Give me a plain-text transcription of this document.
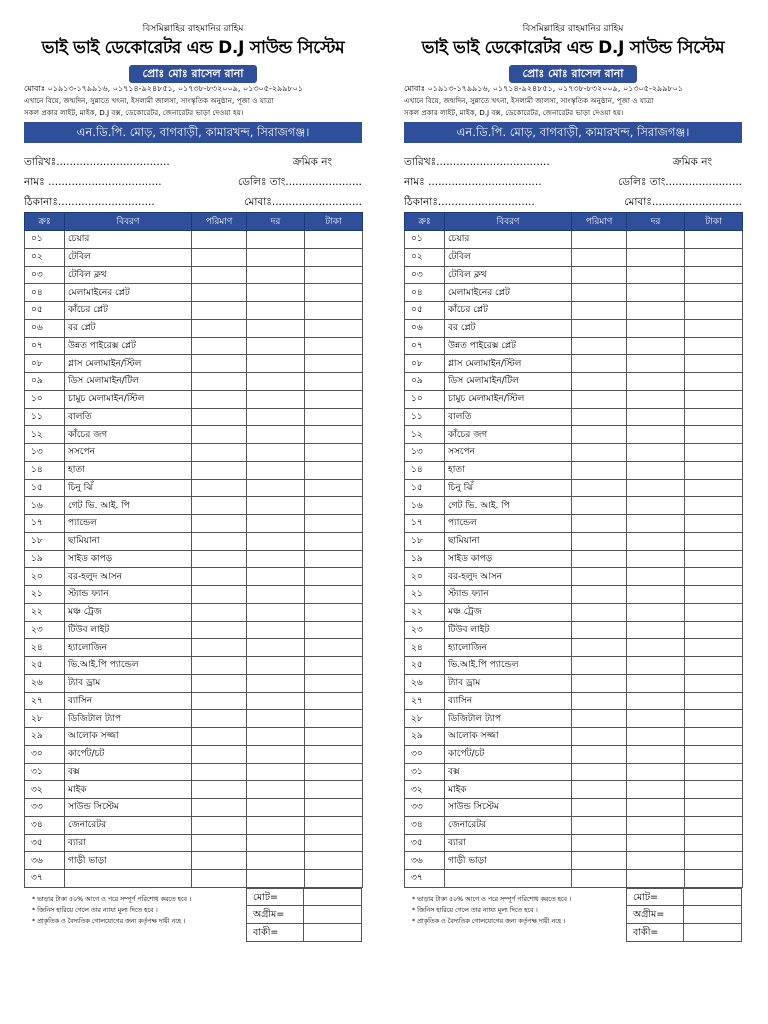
বিসমিল্লাহির রাহমানির রাহিম
ভাই ভাই ডেকোরেটর এন্ড D.J সাউন্ড সিস্টেম
প্রোঃ মোঃ রাসেল রানা
মোবাঃ ০১৯১৩-১৭৯৯১৬, ০১৭১৪-৯২৪৮৫১, ০১৭৩৮-৮৩২০০৯, ০১৩০৫-২৯৯৮০১
এখানে বিয়ে, জন্মদিন, সুন্নাতে খৎনা, ইসলামী জালসা, সাংস্কৃতিক অনুষ্ঠান, পূজা ও যাত্রা
সকল প্রকার লাইট, মাইক, D.J বক্স, ডেকোরেটর, জেনারেটর ভাড়া দেওয়া হয়।
এন.ডি.পি. মোড়, বাগবাড়ী, কামারখন্দ, সিরাজগঞ্জ।
তারিখঃ..................................	ক্রমিক নং
নামঃ ..................................	ডেলিঃ তাং.......................
ঠিকানাঃ.............................	মোবাঃ...........................
ক্রঃ	বিবরণ	পরিমাণ	দর	টাকা
০১	চেয়ার			
০২	টেবিল			
০৩	টেবিল ক্লথ			
০৪	মেলামাইনের প্লেট			
০৫	কাঁচের প্লেট			
০৬	বর প্লেট			
০৭	উন্নত পাইরেক্স প্লেট			
০৮	গ্লাস মেলামাইন/স্টিল			
০৯	ডিস মেলামাইন/টিল			
১০	চামুচ মেলামাইন/স্টিল			
১১	বালতি			
১২	কাঁচের জগ			
১৩	সসপেন			
১৪	হাতা			
১৫	চিনু ঝিঁ			
১৬	গেট ভি. আই. পি			
১৭	প্যান্ডেল			
১৮	ছামিয়ানা			
১৯	সাইড কাপড়			
২০	বর-হলুদ আসন			
২১	স্ট্যান্ড ফ্যান			
২২	মঞ্চ ট্রেজ			
২৩	টিউব লাইট			
২৪	হ্যালোজিন			
২৫	ভি.আই.পি প্যান্ডেল			
২৬	ট্যাব ড্রাম			
২৭	ব্যাসিন			
২৮	ডিজিটাল ট্যাপ			
২৯	আলোক সজ্জা			
৩০	কার্পেট/চট			
৩১	বক্স			
৩২	মাইক			
৩৩	সাউন্ড সিস্টেম			
৩৪	জেনারেটর			
৩৫	ব্যারা			
৩৬	গাড়ী ভাড়া			
৩৭				
* ভাড়ার টাকা ৫০% আগে ও পরে সম্পূর্ণ পরিশোধ করতে হবে ।
* জিনিস হারিয়ে গেলে তার ন্যায্য মূল্য দিতে হবে ।
* প্রাকৃতিক ও বৈদ্যতিক গোলযোগের জন্য কর্তৃপক্ষ দায়ী নহে ।
মোট=
অগ্রীম=
বাকী=
বিসমিল্লাহির রাহমানির রাহিম
ভাই ভাই ডেকোরেটর এন্ড D.J সাউন্ড সিস্টেম
প্রোঃ মোঃ রাসেল রানা
মোবাঃ ০১৯১৩-১৭৯৯১৬, ০১৭১৪-৯২৪৮৫১, ০১৭৩৮-৮৩২০০৯, ০১৩০৫-২৯৯৮০১
এখানে বিয়ে, জন্মদিন, সুন্নাতে খৎনা, ইসলামী জালসা, সাংস্কৃতিক অনুষ্ঠান, পূজা ও যাত্রা
সকল প্রকার লাইট, মাইক, D.J বক্স, ডেকোরেটর, জেনারেটর ভাড়া দেওয়া হয়।
এন.ডি.পি. মোড়, বাগবাড়ী, কামারখন্দ, সিরাজগঞ্জ।
তারিখঃ..................................	ক্রমিক নং
নামঃ ..................................	ডেলিঃ তাং.......................
ঠিকানাঃ.............................	মোবাঃ...........................
ক্রঃ	বিবরণ	পরিমাণ	দর	টাকা
০১	চেয়ার			
০২	টেবিল			
০৩	টেবিল ক্লথ			
০৪	মেলামাইনের প্লেট			
০৫	কাঁচের প্লেট			
০৬	বর প্লেট			
০৭	উন্নত পাইরেক্স প্লেট			
০৮	গ্লাস মেলামাইন/স্টিল			
০৯	ডিস মেলামাইন/টিল			
১০	চামুচ মেলামাইন/স্টিল			
১১	বালতি			
১২	কাঁচের জগ			
১৩	সসপেন			
১৪	হাতা			
১৫	চিনু ঝিঁ			
১৬	গেট ভি. আই. পি			
১৭	প্যান্ডেল			
১৮	ছামিয়ানা			
১৯	সাইড কাপড়			
২০	বর-হলুদ আসন			
২১	স্ট্যান্ড ফ্যান			
২২	মঞ্চ ট্রেজ			
২৩	টিউব লাইট			
২৪	হ্যালোজিন			
২৫	ভি.আই.পি প্যান্ডেল			
২৬	ট্যাব ড্রাম			
২৭	ব্যাসিন			
২৮	ডিজিটাল ট্যাপ			
২৯	আলোক সজ্জা			
৩০	কার্পেট/চট			
৩১	বক্স			
৩২	মাইক			
৩৩	সাউন্ড সিস্টেম			
৩৪	জেনারেটর			
৩৫	ব্যারা			
৩৬	গাড়ী ভাড়া			
৩৭				
* ভাড়ার টাকা ৫০% আগে ও পরে সম্পূর্ণ পরিশোধ করতে হবে ।
* জিনিস হারিয়ে গেলে তার ন্যায্য মূল্য দিতে হবে ।
* প্রাকৃতিক ও বৈদ্যতিক গোলযোগের জন্য কর্তৃপক্ষ দায়ী নহে ।
মোট=
অগ্রীম=
বাকী=
